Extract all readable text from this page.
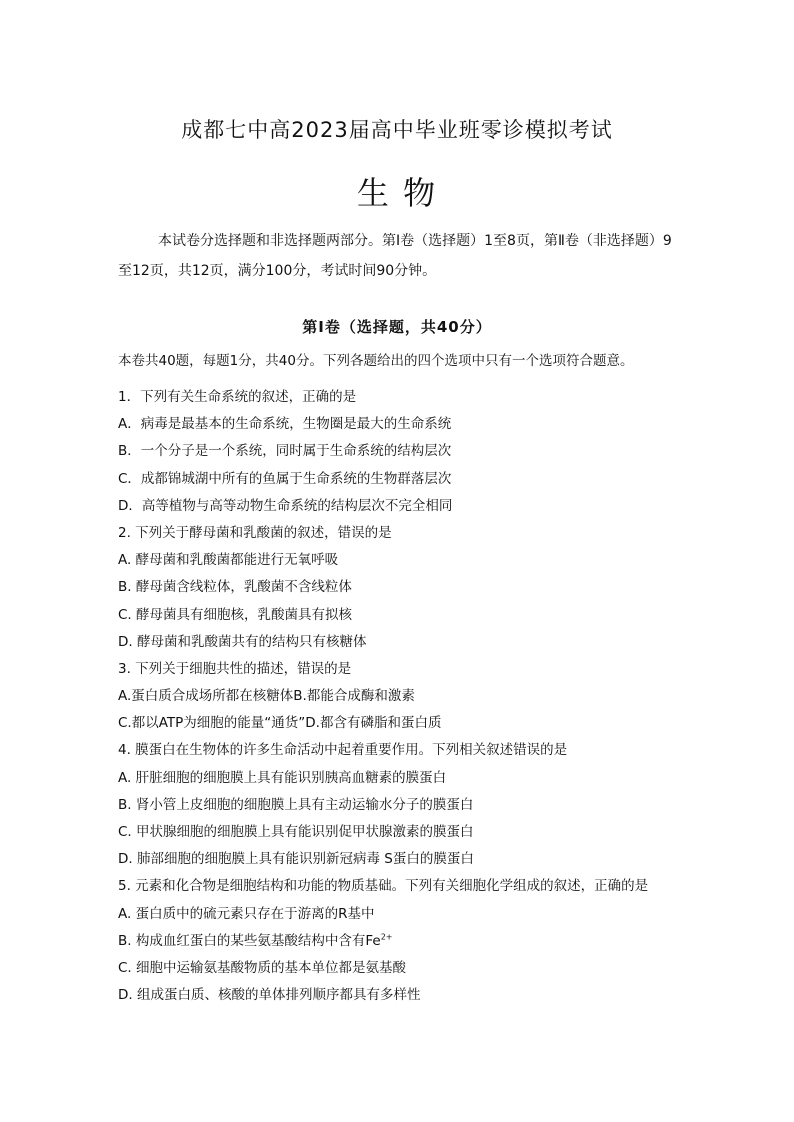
成都七中高2023届高中毕业班零诊模拟考试
生 物
本试卷分选择题和非选择题两部分。第Ⅰ卷（选择题）1至8页，第Ⅱ卷（非选择题）9至12页，共12页，满分100分，考试时间90分钟。
第Ⅰ卷（选择题，共40分）
本卷共40题，每题1分，共40分。下列各题给出的四个选项中只有一个选项符合题意。
1．下列有关生命系统的叙述，正确的是
A．病毒是最基本的生命系统，生物圈是最大的生命系统
B．一个分子是一个系统，同时属于生命系统的结构层次
C．成都锦城湖中所有的鱼属于生命系统的生物群落层次
D．高等植物与高等动物生命系统的结构层次不完全相同
2. 下列关于酵母菌和乳酸菌的叙述，错误的是
A. 酵母菌和乳酸菌都能进行无氧呼吸
B. 酵母菌含线粒体，乳酸菌不含线粒体
C. 酵母菌具有细胞核，乳酸菌具有拟核
D. 酵母菌和乳酸菌共有的结构只有核糖体
3. 下列关于细胞共性的描述，错误的是
A.蛋白质合成场所都在核糖体B.都能合成酶和激素
C.都以ATP为细胞的能量“通货”D.都含有磷脂和蛋白质
4. 膜蛋白在生物体的许多生命活动中起着重要作用。下列相关叙述错误的是
A. 肝脏细胞的细胞膜上具有能识别胰高血糖素的膜蛋白
B. 肾小管上皮细胞的细胞膜上具有主动运输水分子的膜蛋白
C. 甲状腺细胞的细胞膜上具有能识别促甲状腺激素的膜蛋白
D. 肺部细胞的细胞膜上具有能识别新冠病毒 S蛋白的膜蛋白
5. 元素和化合物是细胞结构和功能的物质基础。下列有关细胞化学组成的叙述，正确的是
A. 蛋白质中的硫元素只存在于游离的R基中
B. 构成血红蛋白的某些氨基酸结构中含有$Fe^{2+}$
C. 细胞中运输氨基酸物质的基本单位都是氨基酸
D. 组成蛋白质、核酸的单体排列顺序都具有多样性
